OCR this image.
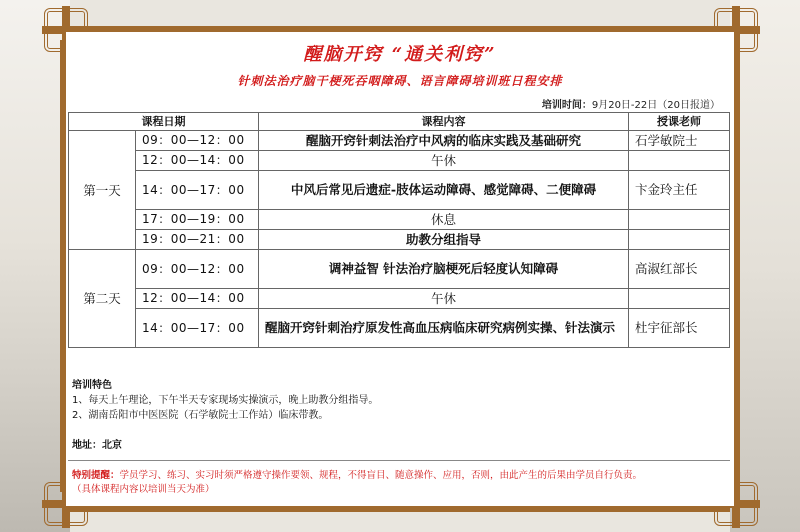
醒脑开窍 “通关利窍”
针刺法治疗脑干梗死吞咽障碍、语言障碍培训班日程安排
培训时间：9月20日-22日（20日报道）
课程日期		课程内容	授课老师
第一天	09：00—12：00	醒脑开窍针刺法治疗中风病的临床实践及基础研究	石学敏院士
	12：00—14：00	午休	
	14：00—17：00	中风后常见后遗症-肢体运动障碍、感觉障碍、二便障碍	卞金玲主任
	17：00—19：00	休息	
	19：00—21：00	助教分组指导	
第二天	09：00—12：00	调神益智 针法治疗脑梗死后轻度认知障碍	高淑红部长
	12：00—14：00	午休	
	14：00—17：00	醒脑开窍针刺治疗原发性高血压病临床研究病例实操、针法演示	杜宇征部长
培训特色
1、每天上午理论，下午半天专家现场实操演示，晚上助教分组指导。
2、湖南岳阳市中医医院（石学敏院士工作站）临床带教。
地址：北京
特别提醒：学员学习、练习、实习时须严格遵守操作要领、规程，不得盲目、随意操作、应用，否则，由此产生的后果由学员自行负责。
（具体课程内容以培训当天为准）
